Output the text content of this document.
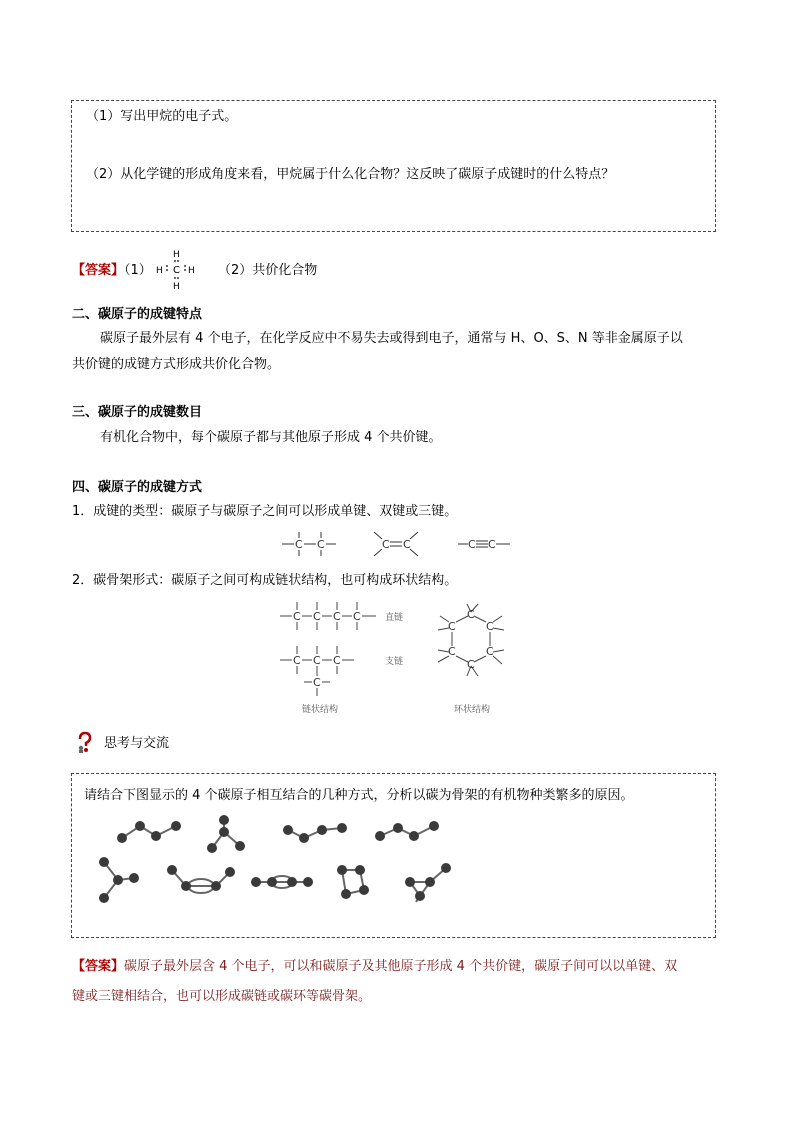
（1）写出甲烷的电子式。
（2）从化学键的形成角度来看，甲烷属于什么化合物？这反映了碳原子成键时的什么特点？
【答案】（1）
H
H
H	H
C	（2）共价化合物
二、碳原子的成键特点
碳原子最外层有 4 个电子，在化学反应中不易失去或得到电子，通常与 H、O、S、N 等非金属原子以
共价键的成键方式形成共价化合物。
三、碳原子的成键数目
有机化合物中，每个碳原子都与其他原子形成 4 个共价键。
四、碳原子的成键方式
1．成键的类型：碳原子与碳原子之间可以形成单键、双键或三键。
C C	C C	C C
2．碳骨架形式：碳原子之间可构成链状结构，也可构成环状结构。
C C C C
C C C
C
C
C
C
C
C
C
直链
支链
链状结构	环状结构
思考与交流
请结合下图显示的 4 个碳原子相互结合的几种方式，分析以碳为骨架的有机物种类繁多的原因。
【答案】碳原子最外层含 4 个电子，可以和碳原子及其他原子形成 4 个共价键，碳原子间可以以单键、双
键或三键相结合，也可以形成碳链或碳环等碳骨架。
